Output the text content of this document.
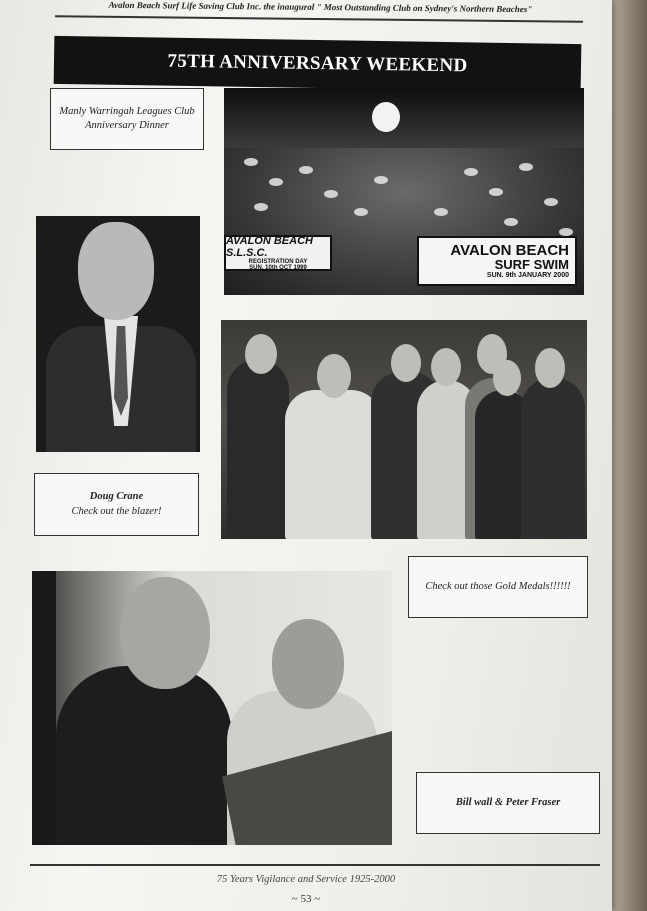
Avalon Beach Surf Life Saving Club Inc. the inaugural " Most Outstanding Club on Sydney's Northern Beaches"
75TH ANNIVERSARY WEEKEND
Manly Warringah Leagues Club
Anniversary Dinner
AVALON BEACH S.L.S.C.
REGISTRATION DAY
SUN. 10th OCT 1999
AVALON BEACH
SURF SWIM
SUN. 9th JANUARY 2000
Doug Crane
Check out the blazer!
Check out those Gold Medals!!!!!!
Bill wall & Peter Fraser
75 Years Vigilance and Service 1925-2000
~ 53 ~
